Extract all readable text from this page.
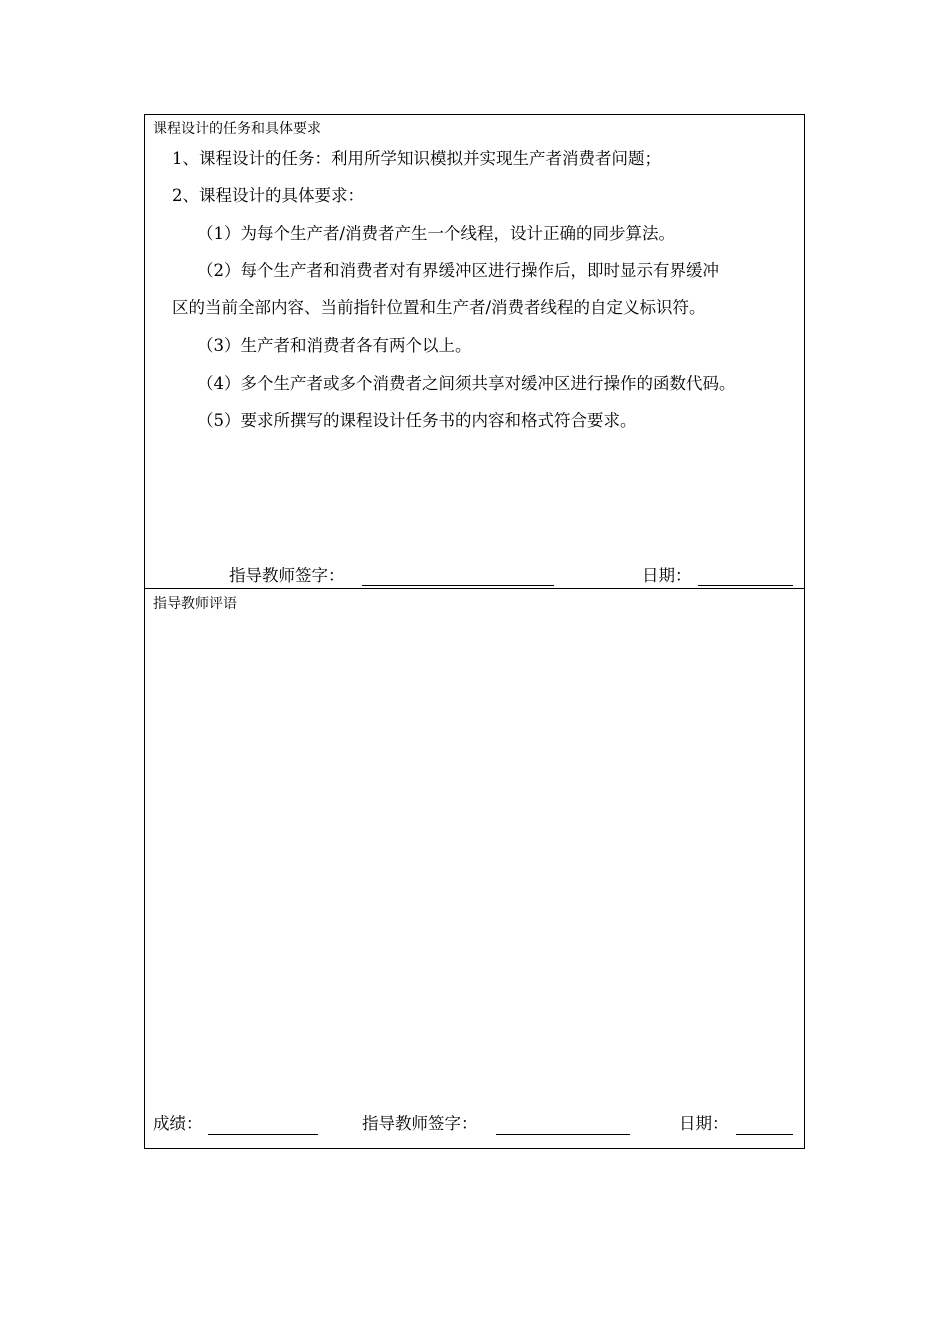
课程设计的任务和具体要求
1、课程设计的任务：利用所学知识模拟并实现生产者消费者问题；
2、课程设计的具体要求：
（1）为每个生产者/消费者产生一个线程，设计正确的同步算法。
（2）每个生产者和消费者对有界缓冲区进行操作后，即时显示有界缓冲
区的当前全部内容、当前指针位置和生产者/消费者线程的自定义标识符。
（3）生产者和消费者各有两个以上。
（4）多个生产者或多个消费者之间须共享对缓冲区进行操作的函数代码。
（5）要求所撰写的课程设计任务书的内容和格式符合要求。
指导教师签字：	日期：
指导教师评语
成绩：	指导教师签字：	日期：
